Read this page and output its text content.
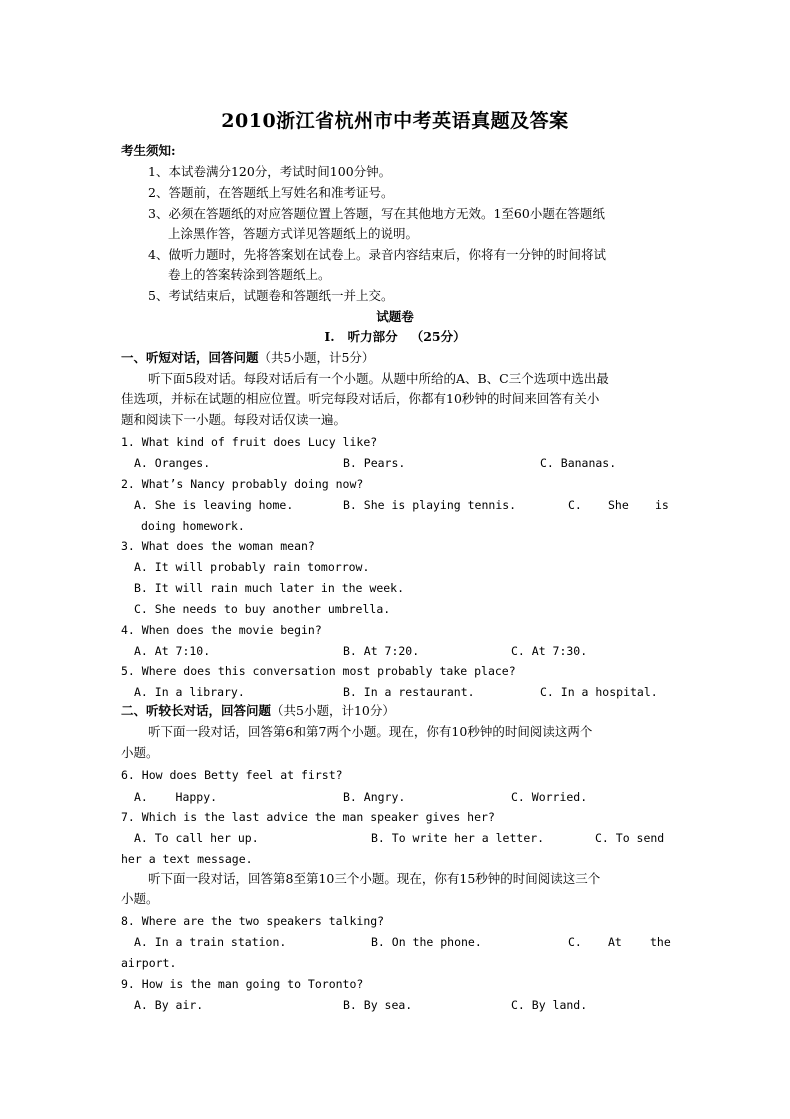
2010浙江省杭州市中考英语真题及答案
考生须知:
1、本试卷满分120分，考试时间100分钟。
2、答题前，在答题纸上写姓名和准考证号。
3、必须在答题纸的对应答题位置上答题，写在其他地方无效。1至60小题在答题纸
上涂黑作答，答题方式详见答题纸上的说明。
4、做听力题时，先将答案划在试卷上。录音内容结束后，你将有一分钟的时间将试
卷上的答案转涂到答题纸上。
5、考试结束后，试题卷和答题纸一并上交。
试题卷
I.   听力部分   （25分）
一、听短对话，回答问题（共5小题，计5分）
听下面5段对话。每段对话后有一个小题。从题中所给的A、B、C三个选项中选出最
佳选项，并标在试题的相应位置。听完每段对话后，你都有10秒钟的时间来回答有关小
题和阅读下一小题。每段对话仅读一遍。
1. What kind of fruit does Lucy like?
A. Oranges.	B. Pears.	C. Bananas.
2. What’s Nancy probably doing now?
A. She is leaving home.	B. She is playing tennis.	C. She is
doing homework.
3. What does the woman mean?
A. It will probably rain tomorrow.
B. It will rain much later in the week.
C. She needs to buy another umbrella.
4. When does the movie begin?
A. At 7:10.	B. At 7:20.	C. At 7:30.
5. Where does this conversation most probably take place?
A. In a library.	B. In a restaurant.	C. In a hospital.
二、听较长对话，回答问题（共5小题，计10分）
听下面一段对话，回答第6和第7两个小题。现在，你有10秒钟的时间阅读这两个
小题。
6. How does Betty feel at first?
A.    Happy.	B. Angry.	C. Worried.
7. Which is the last advice the man speaker gives her?
A. To call her up.	B. To write her a letter.	C. To send
her a text message.
听下面一段对话，回答第8至第10三个小题。现在，你有15秒钟的时间阅读这三个
小题。
8. Where are the two speakers talking?
A. In a train station.	B. On the phone.	C. At the
airport.
9. How is the man going to Toronto?
A. By air.	B. By sea.	C. By land.
